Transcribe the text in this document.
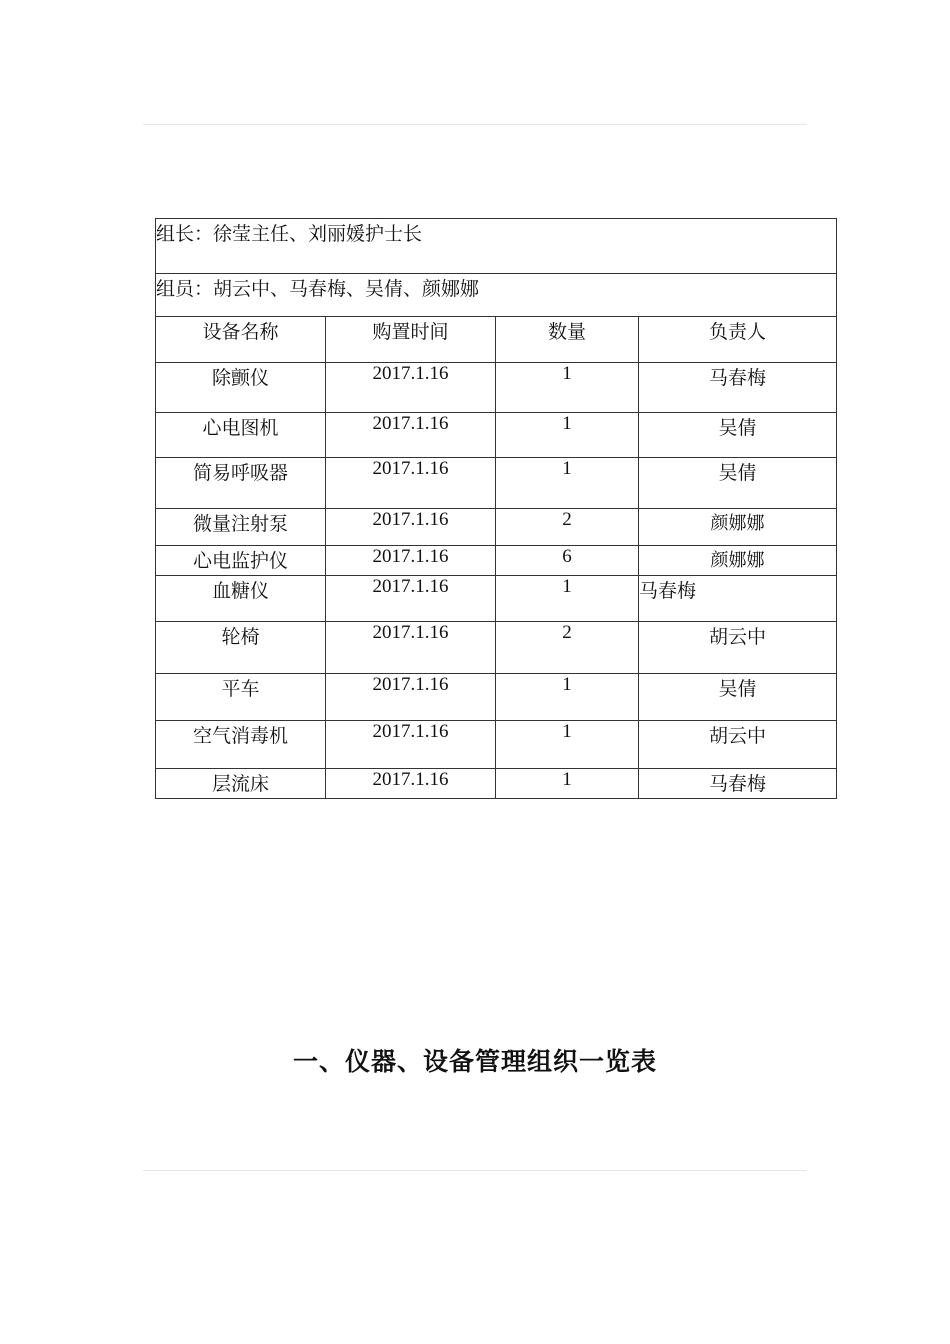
组长：徐莹主任、刘丽媛护士长			
组员：胡云中、马春梅、吴倩、颜娜娜			
设备名称	购置时间	数量	负责人
除颤仪	2017.1.16	1	马春梅
心电图机	2017.1.16	1	吴倩
简易呼吸器	2017.1.16	1	吴倩
微量注射泵	2017.1.16	2	颜娜娜
心电监护仪	2017.1.16	6	颜娜娜
血糖仪	2017.1.16	1	马春梅
轮椅	2017.1.16	2	胡云中
平车	2017.1.16	1	吴倩
空气消毒机	2017.1.16	1	胡云中
层流床	2017.1.16	1	马春梅
一、仪器、设备管理组织一览表
